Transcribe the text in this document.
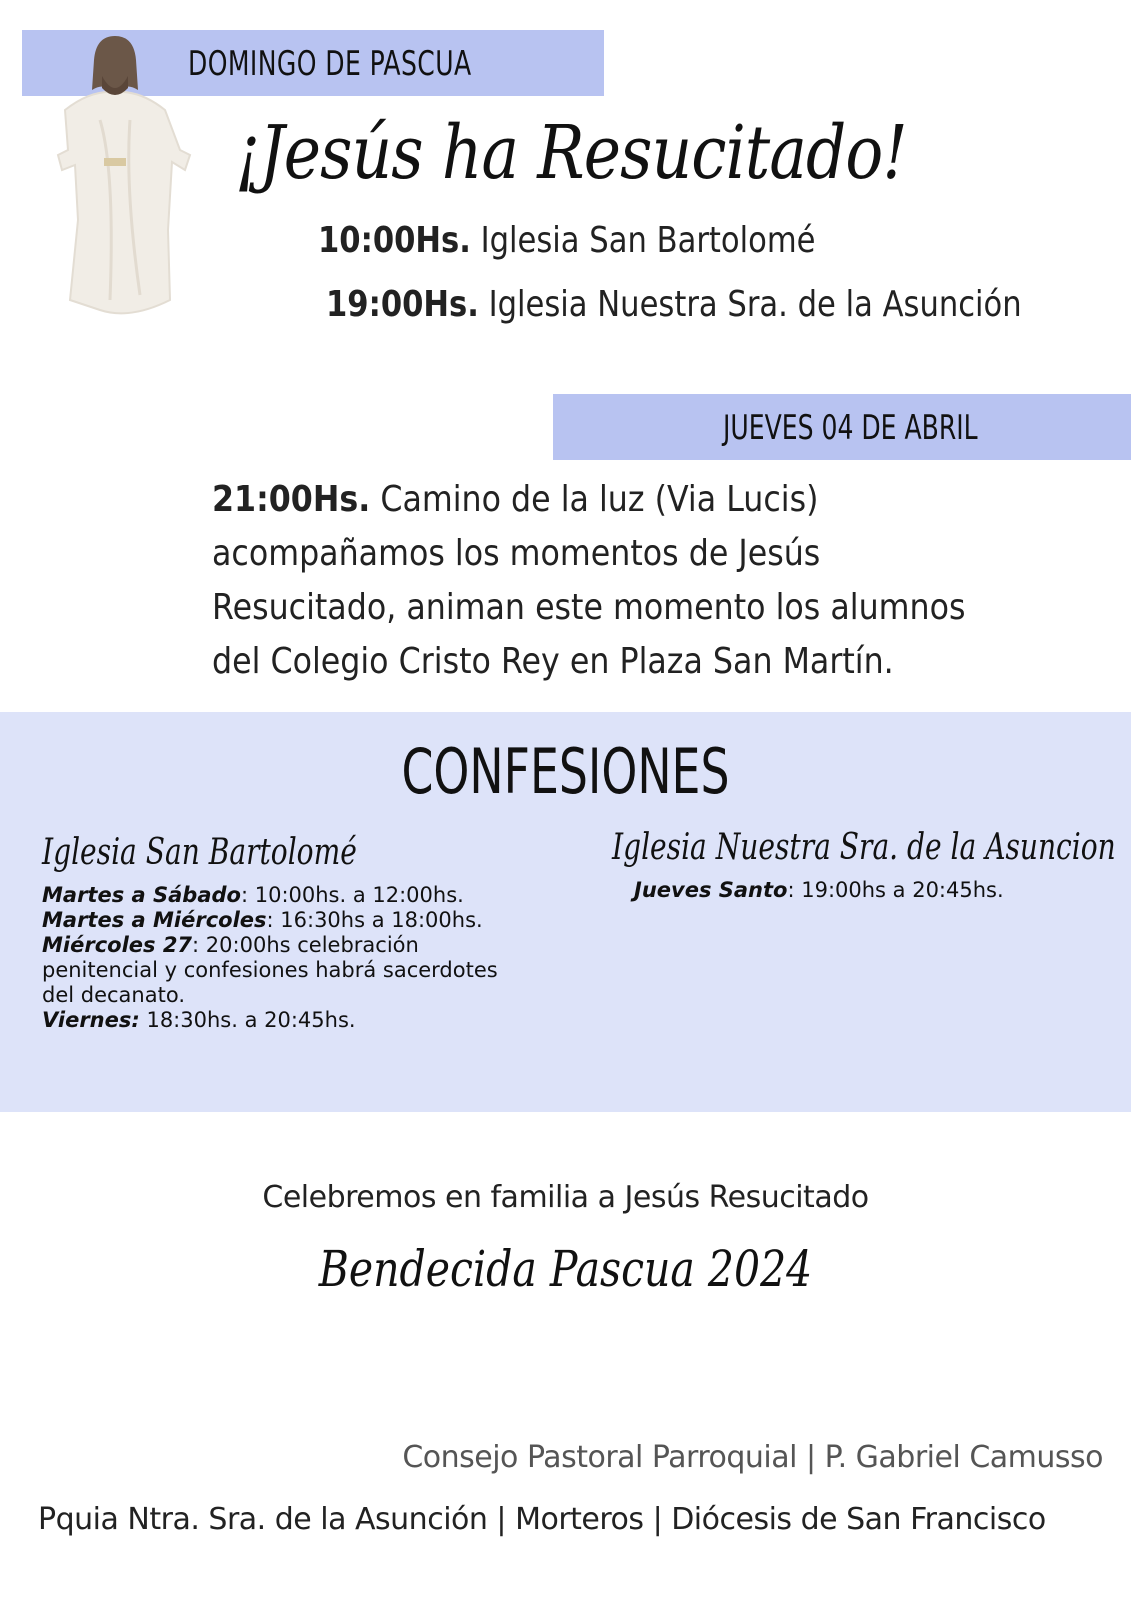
DOMINGO DE PASCUA
¡Jesús ha Resucitado!
10:00Hs. Iglesia San Bartolomé
19:00Hs. Iglesia Nuestra Sra. de la Asunción
JUEVES 04 DE ABRIL
21:00Hs. Camino de la luz (Via Lucis) acompañamos los momentos de Jesús Resucitado, animan este momento los alumnos del Colegio Cristo Rey en Plaza San Martín.
CONFESIONES
Iglesia San Bartolomé

Martes a Sábado: 10:00hs. a 12:00hs.

Martes a Miércoles: 16:30hs a 18:00hs.

Miércoles 27: 20:00hs celebración penitencial y confesiones habrá sacerdotes del decanato.

Viernes: 18:30hs. a 20:45hs.

Iglesia Nuestra Sra. de la Asuncion

Jueves Santo: 19:00hs a 20:45hs.

Celebremos en familia a Jesús Resucitado
Bendecida Pascua 2024
Consejo Pastoral Parroquial | P. Gabriel Camusso
Pquia Ntra. Sra. de la Asunción | Morteros | Diócesis de San Francisco
